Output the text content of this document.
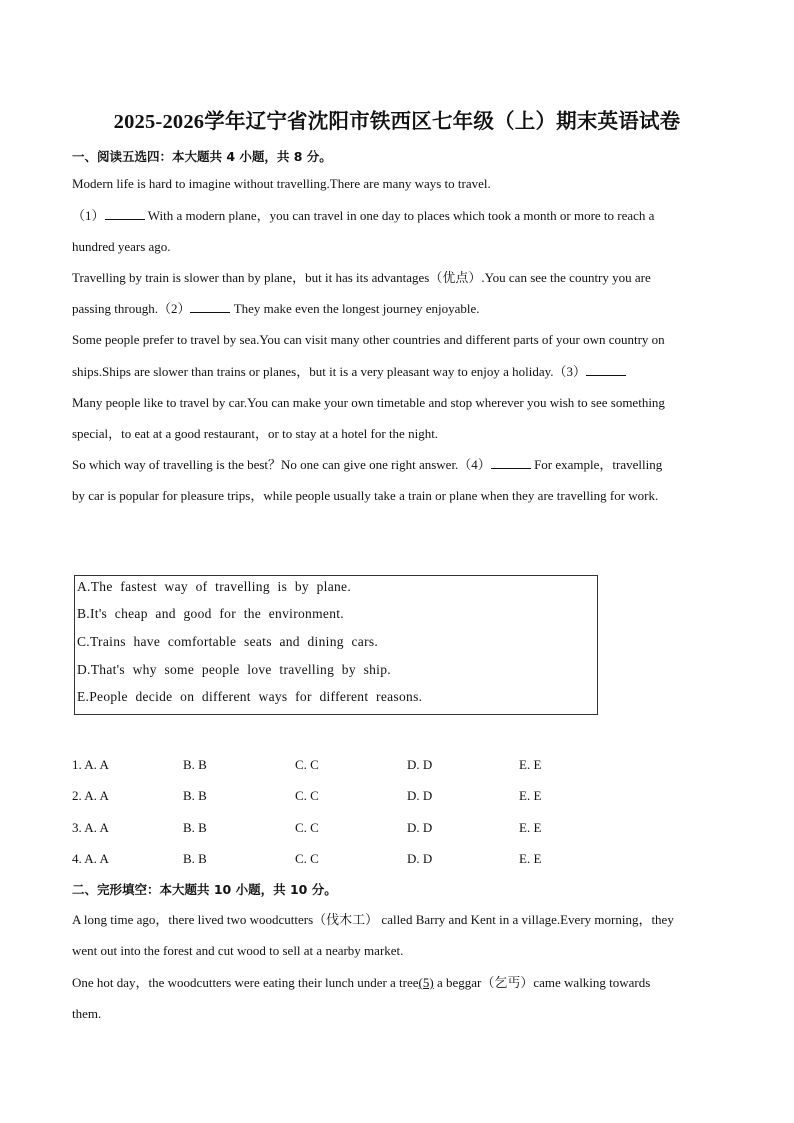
2025-2026学年辽宁省沈阳市铁西区七年级（上）期末英语试卷
一、阅读五选四：本大题共 4 小题，共 8 分。
Modern life is hard to imagine without travelling.There are many ways to travel.
（1）	With a modern plane，you can travel in one day to places which took a month or more to reach a
hundred years ago.
Travelling by train is slower than by plane，but it has its advantages（优点）.You can see the country you are
passing through.（2）	They make even the longest journey enjoyable.
Some people prefer to travel by sea.You can visit many other countries and different parts of your own country on
ships.Ships are slower than trains or planes，but it is a very pleasant way to enjoy a holiday.（3）
Many people like to travel by car.You can make your own timetable and stop wherever you wish to see something
special，to eat at a good restaurant，or to stay at a hotel for the night.
So which way of travelling is the best？No one can give one right answer.（4）	For example，travelling
by car is popular for pleasure trips，while people usually take a train or plane when they are travelling for work.
A.The fastest way of travelling is by plane.
B.It's cheap and good for the environment.
C.Trains have comfortable seats and dining cars.
D.That's why some people love travelling by ship.
E.People decide on different ways for different reasons.
1. A. A	B. B	C. C	D. D	E. E
2. A. A	B. B	C. C	D. D	E. E
3. A. A	B. B	C. C	D. D	E. E
4. A. A	B. B	C. C	D. D	E. E
二、完形填空：本大题共 10 小题，共 10 分。
A long time ago，there lived two woodcutters（伐木工） called Barry and Kent in a village.Every morning，they
went out into the forest and cut wood to sell at a nearby market.
One hot day，the woodcutters were eating their lunch under a tree(5) a beggar（乞丐）came walking towards
them.
